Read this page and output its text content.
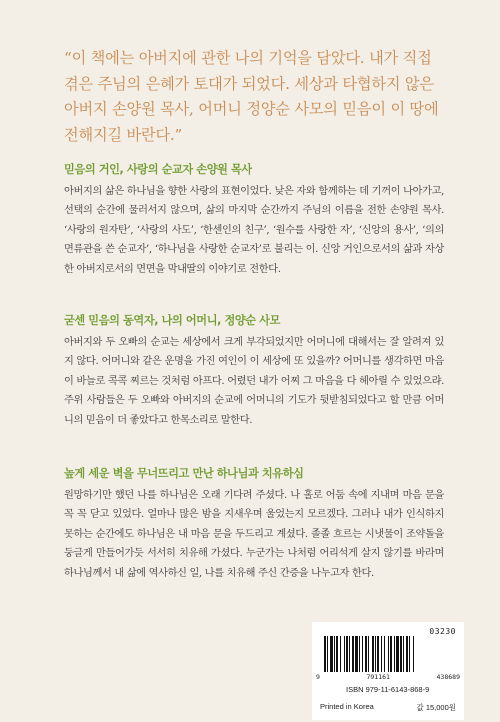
“이 책에는 아버지에 관한 나의 기억을 담았다. 내가 직접 겪은 주님의 은혜가 토대가 되었다. 세상과 타협하지 않은 아버지 손양원 목사, 어머니 정양순 사모의 믿음이 이 땅에 전해지길 바란다.”

믿음의 거인, 사랑의 순교자 손양원 목사

아버지의 삶은 하나님을 향한 사랑의 표현이었다. 낮은 자와 함께하는 데 기꺼이 나아가고, 선택의 순간에 물러서지 않으며, 삶의 마지막 순간까지 주님의 이름을 전한 손양원 목사. ‘사랑의 원자탄’, ‘사랑의 사도’, ‘한센인의 친구’, ‘원수를 사랑한 자’, ‘신앙의 용사’, ‘의의 면류관을 쓴 순교자’, ‘하나님을 사랑한 순교자’로 불리는 이. 신앙 거인으로서의 삶과 자상한 아버지로서의 면면을 막내딸의 이야기로 전한다.

굳센 믿음의 동역자, 나의 어머니, 정양순 사모

아버지와 두 오빠의 순교는 세상에서 크게 부각되었지만 어머니에 대해서는 잘 알려져 있지 않다. 어머니와 같은 운명을 가진 여인이 이 세상에 또 있을까? 어머니를 생각하면 마음이 바늘로 콕콕 찌르는 것처럼 아프다. 어렸던 내가 어찌 그 마음을 다 헤아릴 수 있었으랴. 주위 사람들은 두 오빠와 아버지의 순교에 어머니의 기도가 뒷받침되었다고 할 만큼 어머니의 믿음이 더 좋았다고 한목소리로 말한다.

높게 세운 벽을 무너뜨리고 만난 하나님과 치유하심

원망하기만 했던 나를 하나님은 오래 기다려 주셨다. 나 홀로 어둠 속에 지내며 마음 문을 꼭 꼭 닫고 있었다. 얼마나 많은 밤을 지새우며 울었는지 모르겠다. 그러나 내가 인식하지 못하는 순간에도 하나님은 내 마음 문을 두드리고 계셨다. 졸졸 흐르는 시냇물이 조약돌을 둥글게 만들어가듯 서서히 치유해 가셨다. 누군가는 나처럼 어리석게 살지 않기를 바라며 하나님께서 내 삶에 역사하신 일, 나를 치유해 주신 간증을 나누고자 한다.

03230
9	791161	438689
ISBN 979-11-6143-868-9
Printed in Korea	값 15,000원
